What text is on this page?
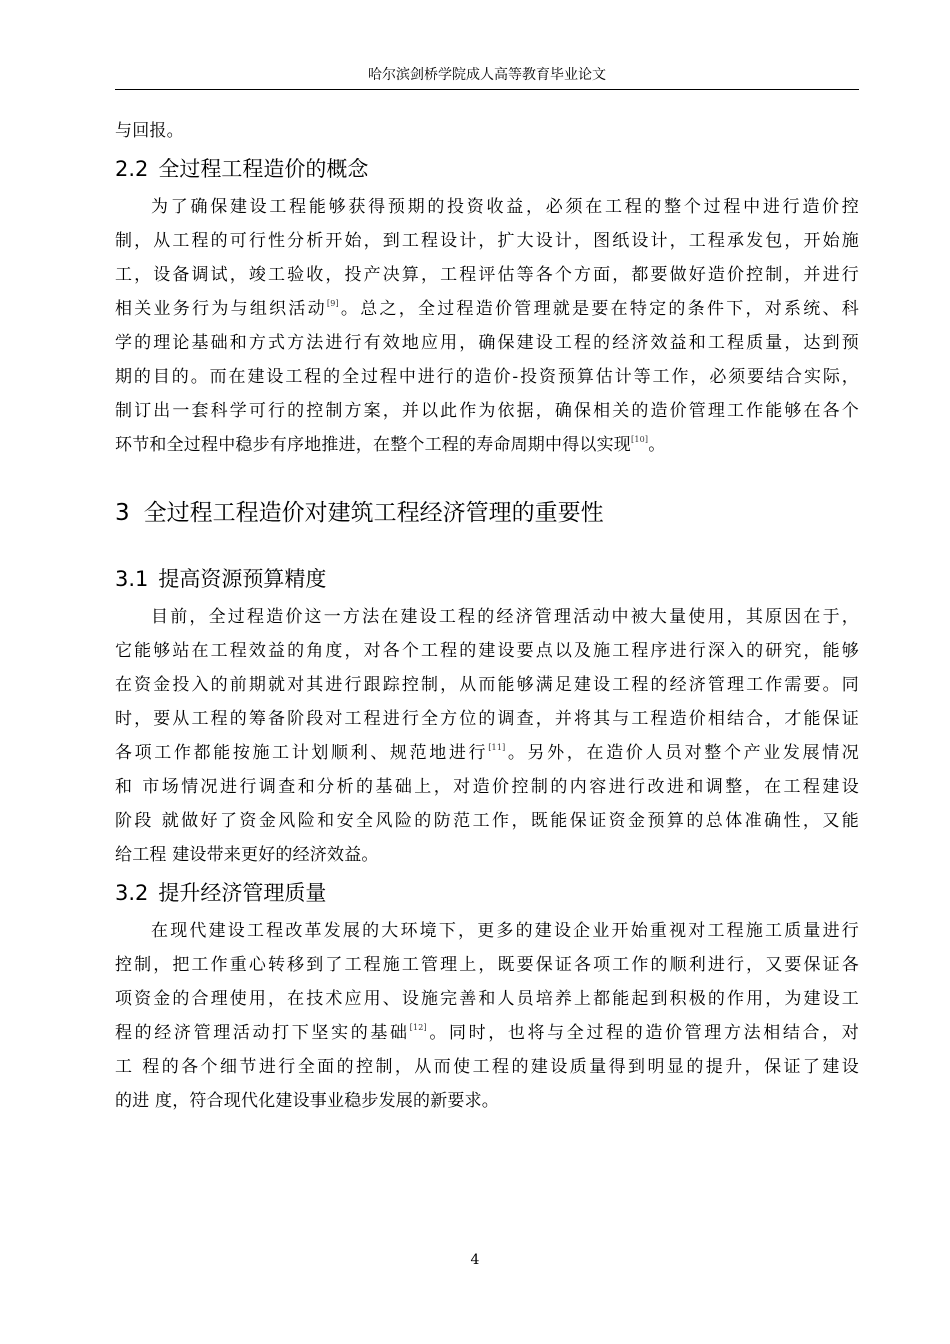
哈尔滨剑桥学院成人高等教育毕业论文
与回报。
2.2 全过程工程造价的概念
为了确保建设工程能够获得预期的投资收益，必须在工程的整个过程中进行造价控
制，从工程的可行性分析开始，到工程设计，扩大设计，图纸设计，工程承发包，开始施
工，设备调试，竣工验收，投产决算，工程评估等各个方面，都要做好造价控制，并进行
相关业务行为与组织活动[9]。总之，全过程造价管理就是要在特定的条件下，对系统、科
学的理论基础和方式方法进行有效地应用，确保建设工程的经济效益和工程质量，达到预
期的目的。而在建设工程的全过程中进行的造价-投资预算估计等工作，必须要结合实际，
制订出一套科学可行的控制方案，并以此作为依据，确保相关的造价管理工作能够在各个
环节和全过程中稳步有序地推进，在整个工程的寿命周期中得以实现[10]。
3 全过程工程造价对建筑工程经济管理的重要性
3.1 提高资源预算精度
目前，全过程造价这一方法在建设工程的经济管理活动中被大量使用，其原因在于，
它能够站在工程效益的角度，对各个工程的建设要点以及施工程序进行深入的研究，能够
在资金投入的前期就对其进行跟踪控制，从而能够满足建设工程的经济管理工作需要。同
时，要从工程的筹备阶段对工程进行全方位的调查，并将其与工程造价相结合，才能保证
各项工作都能按施工计划顺利、规范地进行[11]。另外，在造价人员对整个产业发展情况
和 市场情况进行调查和分析的基础上，对造价控制的内容进行改进和调整，在工程建设
阶段 就做好了资金风险和安全风险的防范工作，既能保证资金预算的总体准确性，又能
给工程 建设带来更好的经济效益。
3.2 提升经济管理质量
在现代建设工程改革发展的大环境下，更多的建设企业开始重视对工程施工质量进行
控制，把工作重心转移到了工程施工管理上，既要保证各项工作的顺利进行，又要保证各
项资金的合理使用，在技术应用、设施完善和人员培养上都能起到积极的作用，为建设工
程的经济管理活动打下坚实的基础[12]。同时，也将与全过程的造价管理方法相结合，对
工 程的各个细节进行全面的控制，从而使工程的建设质量得到明显的提升，保证了建设
的进 度，符合现代化建设事业稳步发展的新要求。
4
